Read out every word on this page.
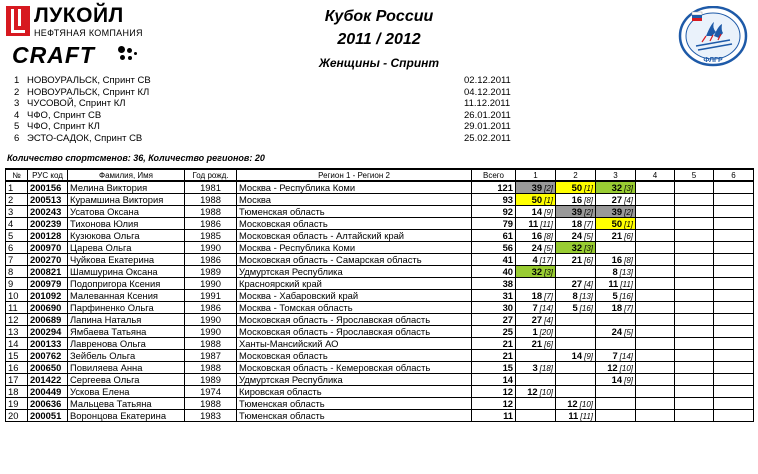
ЛУКОЙЛ
НЕФТЯНАЯ КОМПАНИЯ
CRAFT
Кубок России
2011 / 2012
Женщины - Спринт	ФЛГР
1 НОВОУРАЛЬСК, Спринт СВ	02.12.2011
2 НОВОУРАЛЬСК, Спринт КЛ	04.12.2011
3 ЧУСОВОЙ, Спринт КЛ	11.12.2011
4 ЧФО, Спринт СВ	26.01.2011
5 ЧФО, Спринт КЛ	29.01.2011
6 ЭСТО-САДОК, Спринт СВ	25.02.2011
Количество спортсменов: 36, Количество регионов: 20
№	РУС код	Фамилия, Имя	Год рожд.	Регион 1 - Регион 2	Всего	1	2	3	4	5	6
1	200156	Мелина Виктория	1981	Москва - Республика Коми	121	39 [2]	50 [1]	32 [3]			
2	200513	Курамшина Виктория	1988	Москва	93	50 [1]	16 [8]	27 [4]			
3	200243	Усатова Оксана	1988	Тюменская область	92	14 [9]	39 [2]	39 [2]			
4	200239	Тихонова Юлия	1986	Московская область	79	11 [11]	18 [7]	50 [1]			
5	200128	Кузюкова Ольга	1985	Московская область - Алтайский край	61	16 [8]	24 [5]	21 [6]			
6	200970	Царева Ольга	1990	Москва - Республика Коми	56	24 [5]	32 [3]				
7	200270	Чуйкова Екатерина	1986	Московская область - Самарская область	41	4 [17]	21 [6]	16 [8]			
8	200821	Шамшурина Оксана	1989	Удмуртская Республика	40	32 [3]		8 [13]			
9	200979	Подопригора Ксения	1990	Красноярский край	38		27 [4]	11 [11]			
10	201092	Малеванная Ксения	1991	Москва - Хабаровский край	31	18 [7]	8 [13]	5 [16]			
11	200690	Парфиненко Ольга	1986	Москва - Томская область	30	7 [14]	5 [16]	18 [7]			
12	200689	Лапина Наталья	1990	Московская область - Ярославская область	27	27 [4]					
13	200294	Ямбаева Татьяна	1990	Московская область - Ярославская область	25	1 [20]		24 [5]			
14	200133	Лавренова Ольга	1988	Ханты-Мансийский АО	21	21 [6]					
15	200762	Зейбель Ольга	1987	Московская область	21		14 [9]	7 [14]			
16	200650	Повиляева Анна	1988	Московская область - Кемеровская область	15	3 [18]		12 [10]			
17	201422	Сергеева Ольга	1989	Удмуртская Республика	14			14 [9]			
18	200449	Ускова Елена	1974	Кировская область	12	12 [10]					
19	200636	Мальцева Татьяна	1988	Тюменская область	12		12 [10]				
20	200051	Воронцова Екатерина	1983	Тюменская область	11		11 [11]				
